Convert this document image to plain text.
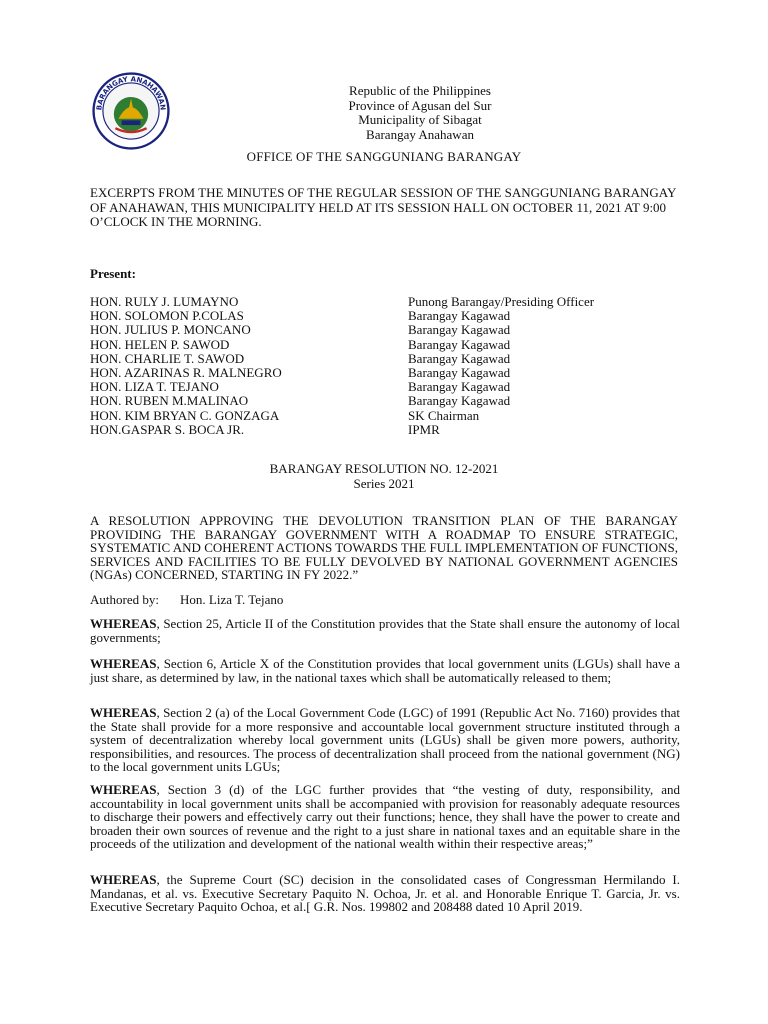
BARANGAY ANAHAWAN
Republic of the Philippines
Province of Agusan del Sur
Municipality of Sibagat
Barangay Anahawan
OFFICE OF THE SANGGUNIANG BARANGAY
EXCERPTS FROM THE MINUTES OF THE REGULAR SESSION OF THE SANGGUNIANG BARANGAY OF ANAHAWAN, THIS MUNICIPALITY HELD AT ITS SESSION HALL ON OCTOBER 11, 2021 AT 9:00 O’CLOCK IN THE MORNING.
Present:
HON. RULY J. LUMAYNO	Punong Barangay/Presiding Officer
HON. SOLOMON P.COLAS	Barangay Kagawad
HON. JULIUS P. MONCANO	Barangay Kagawad
HON. HELEN P. SAWOD	Barangay Kagawad
HON. CHARLIE T. SAWOD	Barangay Kagawad
HON. AZARINAS R. MALNEGRO	Barangay Kagawad
HON. LIZA T. TEJANO	Barangay Kagawad
HON. RUBEN M.MALINAO	Barangay Kagawad
HON. KIM BRYAN C. GONZAGA	SK Chairman
HON.GASPAR S. BOCA JR.	IPMR
BARANGAY RESOLUTION NO. 12-2021
Series 2021
A RESOLUTION APPROVING THE DEVOLUTION TRANSITION PLAN OF THE BARANGAY PROVIDING THE BARANGAY GOVERNMENT WITH A ROADMAP TO ENSURE STRATEGIC, SYSTEMATIC AND COHERENT ACTIONS TOWARDS THE FULL IMPLEMENTATION OF FUNCTIONS, SERVICES AND FACILITIES TO BE FULLY DEVOLVED BY NATIONAL GOVERNMENT AGENCIES (NGAs) CONCERNED, STARTING IN FY 2022.”
Authored by: Hon. Liza T. Tejano
WHEREAS, Section 25, Article II of the Constitution provides that the State shall ensure the autonomy of local governments;
WHEREAS, Section 6, Article X of the Constitution provides that local government units (LGUs) shall have a just share, as determined by law, in the national taxes which shall be automatically released to them;
WHEREAS, Section 2 (a) of the Local Government Code (LGC) of 1991 (Republic Act No. 7160) provides that the State shall provide for a more responsive and accountable local government structure instituted through a system of decentralization whereby local government units (LGUs) shall be given more powers, authority, responsibilities, and resources. The process of decentralization shall proceed from the national government (NG) to the local government units LGUs;
WHEREAS, Section 3 (d) of the LGC further provides that “the vesting of duty, responsibility, and accountability in local government units shall be accompanied with provision for reasonably adequate resources to discharge their powers and effectively carry out their functions; hence, they shall have the power to create and broaden their own sources of revenue and the right to a just share in national taxes and an equitable share in the proceeds of the utilization and development of the national wealth within their respective areas;”
WHEREAS, the Supreme Court (SC) decision in the consolidated cases of Congressman Hermilando I. Mandanas, et al. vs. Executive Secretary Paquito N. Ochoa, Jr. et al. and Honorable Enrique T. Garcia, Jr. vs. Executive Secretary Paquito Ochoa, et al.[ G.R. Nos. 199802 and 208488 dated 10 April 2019.
